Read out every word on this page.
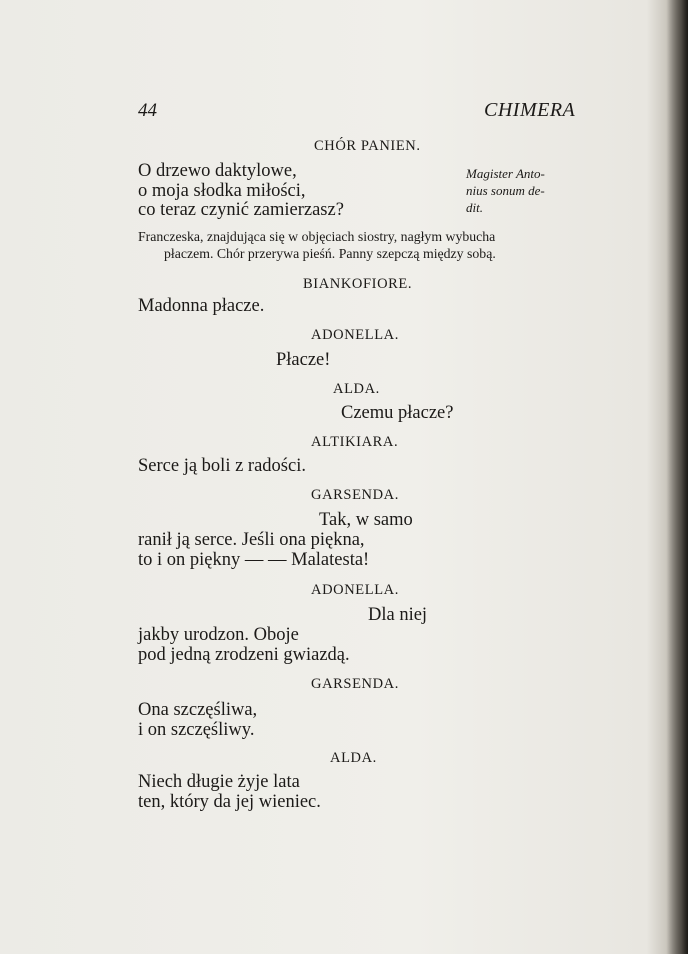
44	CHIMERA
CHÓR PANIEN.
O drzewo daktylowe,
o moja słodka miłości,
co teraz czynić zamierzasz?
Magister Anto-
nius sonum de-
dit.
Franczeska, znajdująca się w objęciach siostry, nagłym wybucha
płaczem. Chór przerywa pieśń. Panny szepczą między sobą.
BIANKOFIORE.
Madonna płacze.
ADONELLA.
Płacze!
ALDA.
Czemu płacze?
ALTIKIARA.
Serce ją boli z radości.
GARSENDA.
Tak, w samo
ranił ją serce. Jeśli ona piękna,
to i on piękny — — Malatesta!
ADONELLA.
Dla niej
jakby urodzon. Oboje
pod jedną zrodzeni gwiazdą.
GARSENDA.
Ona szczęśliwa,
i on szczęśliwy.
ALDA.
Niech długie żyje lata
ten, który da jej wieniec.
